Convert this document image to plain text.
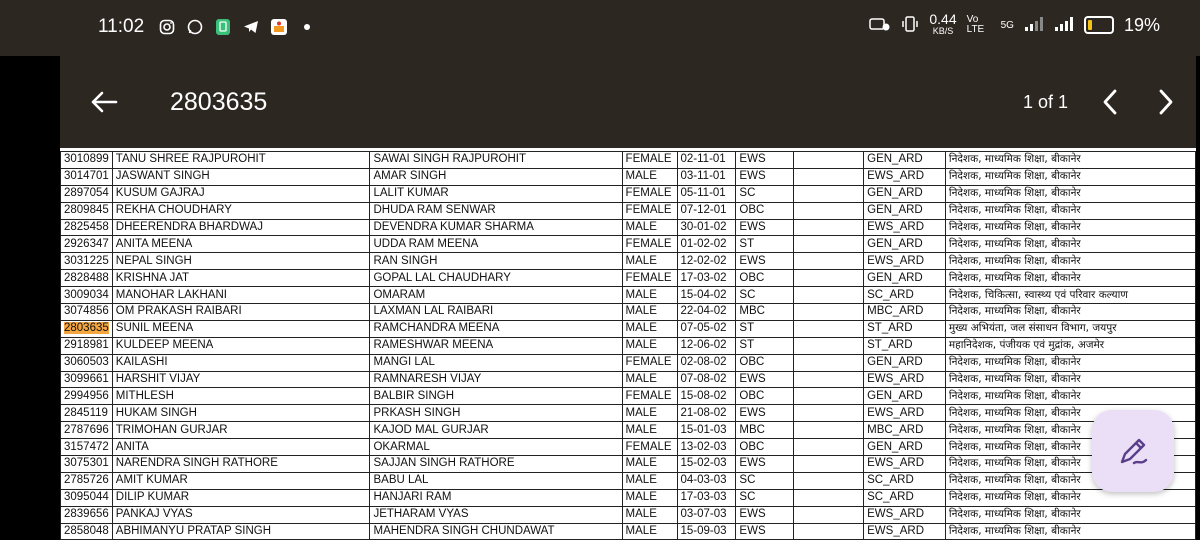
11:02	0.44
KB/S
Vo LTE	5G	19%
2803635	1 of 1
3010899	TANU SHREE RAJPUROHIT	SAWAI SINGH RAJPUROHIT	FEMALE	02-11-01	EWS		GEN_ARD	निदेशक, माध्यमिक शिक्षा, बीकानेर
3014701	JASWANT SINGH	AMAR SINGH	MALE	03-11-01	EWS		EWS_ARD	निदेशक, माध्यमिक शिक्षा, बीकानेर
2897054	KUSUM GAJRAJ	LALIT KUMAR	FEMALE	05-11-01	SC		GEN_ARD	निदेशक, माध्यमिक शिक्षा, बीकानेर
2809845	REKHA CHOUDHARY	DHUDA RAM SENWAR	FEMALE	07-12-01	OBC		GEN_ARD	निदेशक, माध्यमिक शिक्षा, बीकानेर
2825458	DHEERENDRA BHARDWAJ	DEVENDRA KUMAR SHARMA	MALE	30-01-02	EWS		EWS_ARD	निदेशक, माध्यमिक शिक्षा, बीकानेर
2926347	ANITA MEENA	UDDA RAM MEENA	FEMALE	01-02-02	ST		GEN_ARD	निदेशक, माध्यमिक शिक्षा, बीकानेर
3031225	NEPAL SINGH	RAN SINGH	MALE	12-02-02	EWS		EWS_ARD	निदेशक, माध्यमिक शिक्षा, बीकानेर
2828488	KRISHNA JAT	GOPAL LAL CHAUDHARY	FEMALE	17-03-02	OBC		GEN_ARD	निदेशक, माध्यमिक शिक्षा, बीकानेर
3009034	MANOHAR LAKHANI	OMARAM	MALE	15-04-02	SC		SC_ARD	निदेशक, चिकित्सा, स्वास्थ्य एवं परिवार कल्याण
3074856	OM PRAKASH RAIBARI	LAXMAN LAL RAIBARI	MALE	22-04-02	MBC		MBC_ARD	निदेशक, माध्यमिक शिक्षा, बीकानेर
2803635	SUNIL MEENA	RAMCHANDRA MEENA	MALE	07-05-02	ST		ST_ARD	मुख्य अभियंता, जल संसाधन विभाग, जयपुर
2918981	KULDEEP MEENA	RAMESHWAR MEENA	MALE	12-06-02	ST		ST_ARD	महानिदेशक, पंजीयक एवं मुद्रांक, अजमेर
3060503	KAILASHI	MANGI LAL	FEMALE	02-08-02	OBC		GEN_ARD	निदेशक, माध्यमिक शिक्षा, बीकानेर
3099661	HARSHIT VIJAY	RAMNARESH VIJAY	MALE	07-08-02	EWS		EWS_ARD	निदेशक, माध्यमिक शिक्षा, बीकानेर
2994956	MITHLESH	BALBIR SINGH	FEMALE	15-08-02	OBC		GEN_ARD	निदेशक, माध्यमिक शिक्षा, बीकानेर
2845119	HUKAM SINGH	PRKASH SINGH	MALE	21-08-02	EWS		EWS_ARD	निदेशक, माध्यमिक शिक्षा, बीकानेर
2787696	TRIMOHAN GURJAR	KAJOD MAL GURJAR	MALE	15-01-03	MBC		MBC_ARD	निदेशक, माध्यमिक शिक्षा, बीकानेर
3157472	ANITA	OKARMAL	FEMALE	13-02-03	OBC		GEN_ARD	निदेशक, माध्यमिक शिक्षा, बीकानेर
3075301	NARENDRA SINGH RATHORE	SAJJAN SINGH RATHORE	MALE	15-02-03	EWS		EWS_ARD	निदेशक, माध्यमिक शिक्षा, बीकानेर
2785726	AMIT KUMAR	BABU LAL	MALE	04-03-03	SC		SC_ARD	निदेशक, माध्यमिक शिक्षा, बीकानेर
3095044	DILIP KUMAR	HANJARI RAM	MALE	17-03-03	SC		SC_ARD	निदेशक, माध्यमिक शिक्षा, बीकानेर
2839656	PANKAJ VYAS	JETHARAM VYAS	MALE	03-07-03	EWS		EWS_ARD	निदेशक, माध्यमिक शिक्षा, बीकानेर
2858048	ABHIMANYU PRATAP SINGH	MAHENDRA SINGH CHUNDAWAT	MALE	15-09-03	EWS		EWS_ARD	निदेशक, माध्यमिक शिक्षा, बीकानेर
